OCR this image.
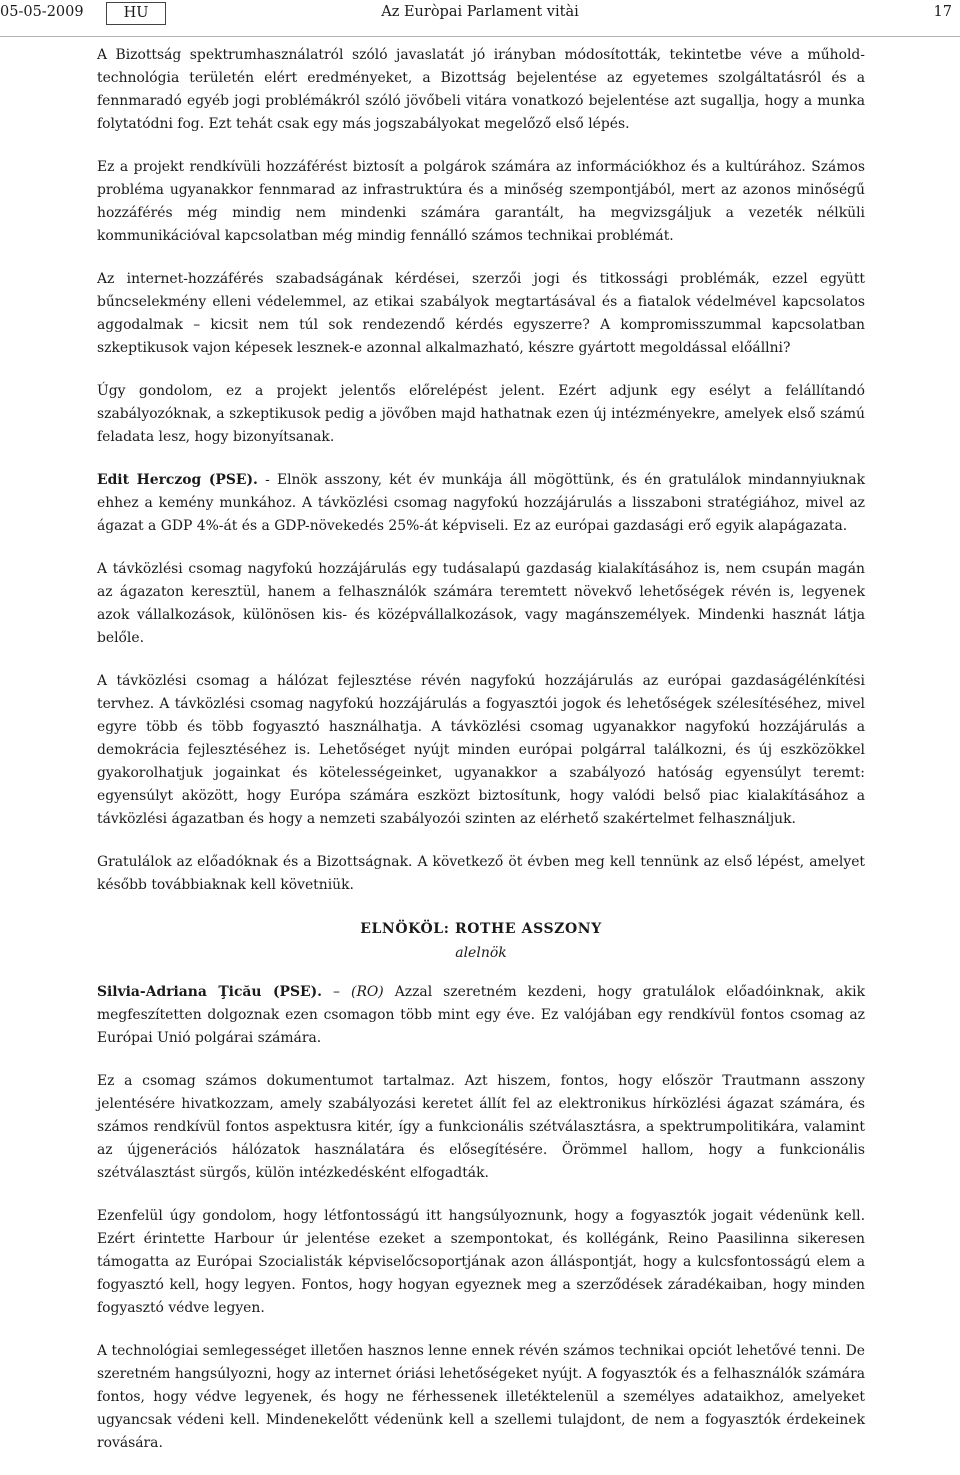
05-05-2009	HU	Az Euròpai Parlament vitài	17

A Bizottság spektrumhasználatról szóló javaslatát jó irányban módosították, tekintetbe véve a műhold-technológia területén elért eredményeket, a Bizottság bejelentése az egyetemes szolgáltatásról és a fennmaradó egyéb jogi problémákról szóló jövőbeli vitára vonatkozó bejelentése azt sugallja, hogy a munka folytatódni fog. Ezt tehát csak egy más jogszabályokat megelőző első lépés.

Ez a projekt rendkívüli hozzáférést biztosít a polgárok számára az információkhoz és a kultúrához. Számos probléma ugyanakkor fennmarad az infrastruktúra és a minőség szempontjából, mert az azonos minőségű hozzáférés még mindig nem mindenki számára garantált, ha megvizsgáljuk a vezeték nélküli kommunikációval kapcsolatban még mindig fennálló számos technikai problémát.

Az internet-hozzáférés szabadságának kérdései, szerzői jogi és titkossági problémák, ezzel együtt bűncselekmény elleni védelemmel, az etikai szabályok megtartásával és a fiatalok védelmével kapcsolatos aggodalmak – kicsit nem túl sok rendezendő kérdés egyszerre? A kompromisszummal kapcsolatban szkeptikusok vajon képesek lesznek-e azonnal alkalmazható, készre gyártott megoldással előállni?

Úgy gondolom, ez a projekt jelentős előrelépést jelent. Ezért adjunk egy esélyt a felállítandó szabályozóknak, a szkeptikusok pedig a jövőben majd hathatnak ezen új intézményekre, amelyek első számú feladata lesz, hogy bizonyítsanak.

Edit Herczog (PSE). - Elnök asszony, két év munkája áll mögöttünk, és én gratulálok mindannyiuknak ehhez a kemény munkához. A távközlési csomag nagyfokú hozzájárulás a lisszaboni stratégiához, mivel az ágazat a GDP 4%-át és a GDP-növekedés 25%-át képviseli. Ez az európai gazdasági erő egyik alapágazata.

A távközlési csomag nagyfokú hozzájárulás egy tudásalapú gazdaság kialakításához is, nem csupán magán az ágazaton keresztül, hanem a felhasználók számára teremtett növekvő lehetőségek révén is, legyenek azok vállalkozások, különösen kis- és középvállalkozások, vagy magánszemélyek. Mindenki hasznát látja belőle.

A távközlési csomag a hálózat fejlesztése révén nagyfokú hozzájárulás az európai gazdaságélénkítési tervhez. A távközlési csomag nagyfokú hozzájárulás a fogyasztói jogok és lehetőségek szélesítéséhez, mivel egyre több és több fogyasztó használhatja. A távközlési csomag ugyanakkor nagyfokú hozzájárulás a demokrácia fejlesztéséhez is. Lehetőséget nyújt minden európai polgárral találkozni, és új eszközökkel gyakorolhatjuk jogainkat és kötelességeinket, ugyanakkor a szabályozó hatóság egyensúlyt teremt: egyensúlyt aközött, hogy Európa számára eszközt biztosítunk, hogy valódi belső piac kialakításához a távközlési ágazatban és hogy a nemzeti szabályozói szinten az elérhető szakértelmet felhasználjuk.

Gratulálok az előadóknak és a Bizottságnak. A következő öt évben meg kell tennünk az első lépést, amelyet később továbbiaknak kell követniük.

ELNÖKÖL: ROTHE ASSZONY
alelnök

Silvia-Adriana Ţicău (PSE). – (RO) Azzal szeretném kezdeni, hogy gratulálok előadóinknak, akik megfeszítetten dolgoznak ezen csomagon több mint egy éve. Ez valójában egy rendkívül fontos csomag az Európai Unió polgárai számára.

Ez a csomag számos dokumentumot tartalmaz. Azt hiszem, fontos, hogy először Trautmann asszony jelentésére hivatkozzam, amely szabályozási keretet állít fel az elektronikus hírközlési ágazat számára, és számos rendkívül fontos aspektusra kitér, így a funkcionális szétválasztásra, a spektrumpolitikára, valamint az újgenerációs hálózatok használatára és elősegítésére. Örömmel hallom, hogy a funkcionális szétválasztást sürgős, külön intézkedésként elfogadták.

Ezenfelül úgy gondolom, hogy létfontosságú itt hangsúlyoznunk, hogy a fogyasztók jogait védenünk kell. Ezért érintette Harbour úr jelentése ezeket a szempontokat, és kollégánk, Reino Paasilinna sikeresen támogatta az Európai Szocialisták képviselőcsoportjának azon álláspontját, hogy a kulcsfontosságú elem a fogyasztó kell, hogy legyen. Fontos, hogy hogyan egyeznek meg a szerződések záradékaiban, hogy minden fogyasztó védve legyen.

A technológiai semlegességet illetően hasznos lenne ennek révén számos technikai opciót lehetővé tenni. De szeretném hangsúlyozni, hogy az internet óriási lehetőségeket nyújt. A fogyasztók és a felhasználók számára fontos, hogy védve legyenek, és hogy ne férhessenek illetéktelenül a személyes adataikhoz, amelyeket ugyancsak védeni kell. Mindenekelőtt védenünk kell a szellemi tulajdont, de nem a fogyasztók érdekeinek rovására.
